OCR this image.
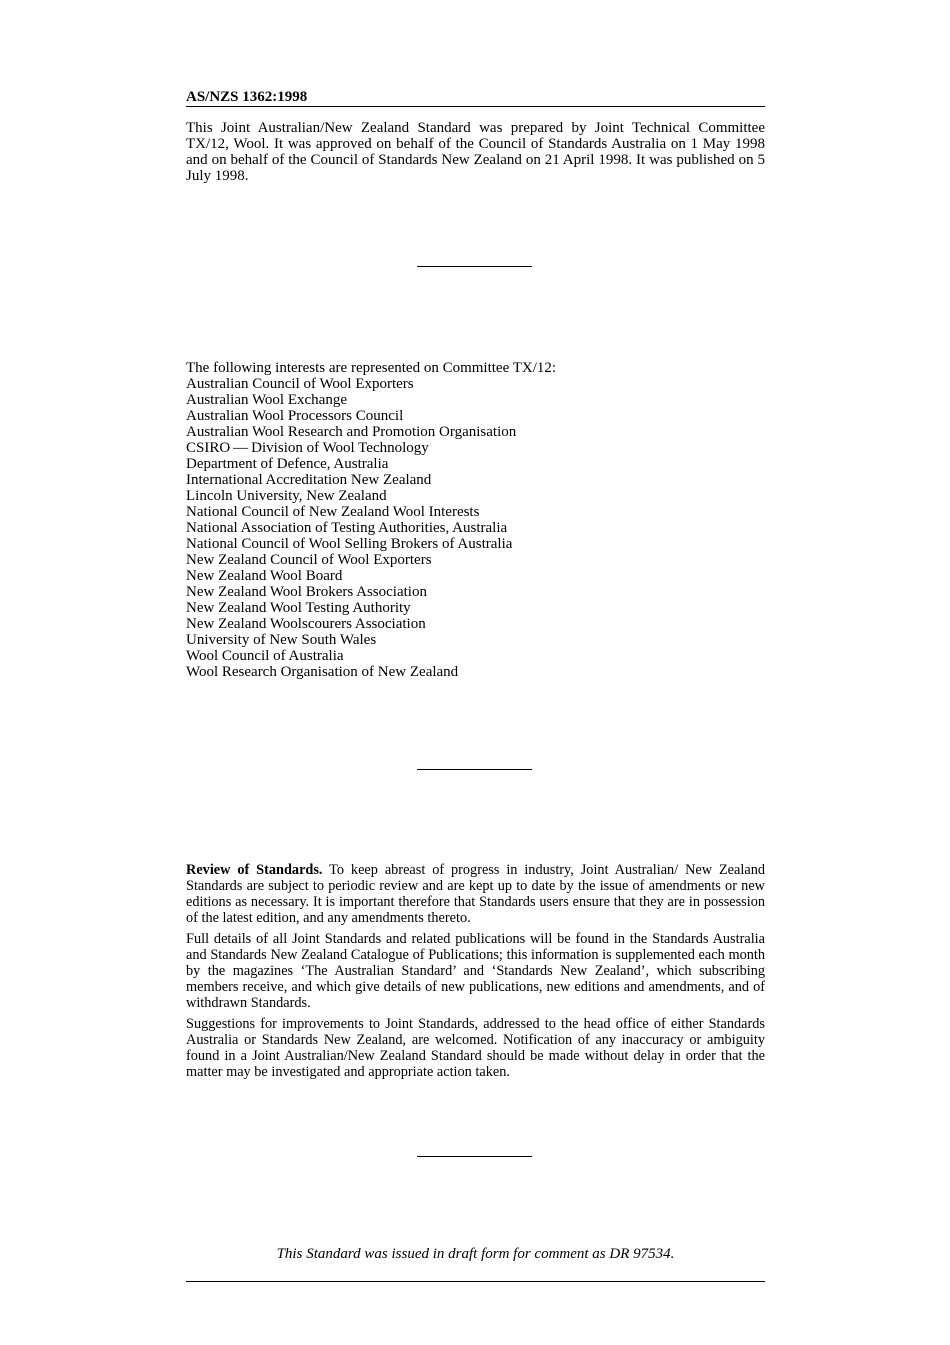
AS/NZS 1362:1998

This Joint Australian/New Zealand Standard was prepared by Joint Technical Committee TX/12, Wool. It was approved on behalf of the Council of Standards Australia on 1 May 1998 and on behalf of the Council of Standards New Zealand on 21 April 1998. It was published on 5 July 1998.

The following interests are represented on Committee TX/12:
Australian Council of Wool Exporters
Australian Wool Exchange
Australian Wool Processors Council
Australian Wool Research and Promotion Organisation
CSIRO — Division of Wool Technology
Department of Defence, Australia
International Accreditation New Zealand
Lincoln University, New Zealand
National Council of New Zealand Wool Interests
National Association of Testing Authorities, Australia
National Council of Wool Selling Brokers of Australia
New Zealand Council of Wool Exporters
New Zealand Wool Board
New Zealand Wool Brokers Association
New Zealand Wool Testing Authority
New Zealand Woolscourers Association
University of New South Wales
Wool Council of Australia
Wool Research Organisation of New Zealand

Review of Standards. To keep abreast of progress in industry, Joint Australian/ New Zealand Standards are subject to periodic review and are kept up to date by the issue of amendments or new editions as necessary. It is important therefore that Standards users ensure that they are in possession of the latest edition, and any amendments thereto.

Full details of all Joint Standards and related publications will be found in the Standards Australia and Standards New Zealand Catalogue of Publications; this information is supplemented each month by the magazines ‘The Australian Standard’ and ‘Standards New Zealand’, which subscribing members receive, and which give details of new publications, new editions and amendments, and of withdrawn Standards.

Suggestions for improvements to Joint Standards, addressed to the head office of either Standards Australia or Standards New Zealand, are welcomed. Notification of any inaccuracy or ambiguity found in a Joint Australian/New Zealand Standard should be made without delay in order that the matter may be investigated and appropriate action taken.

This Standard was issued in draft form for comment as DR 97534.
